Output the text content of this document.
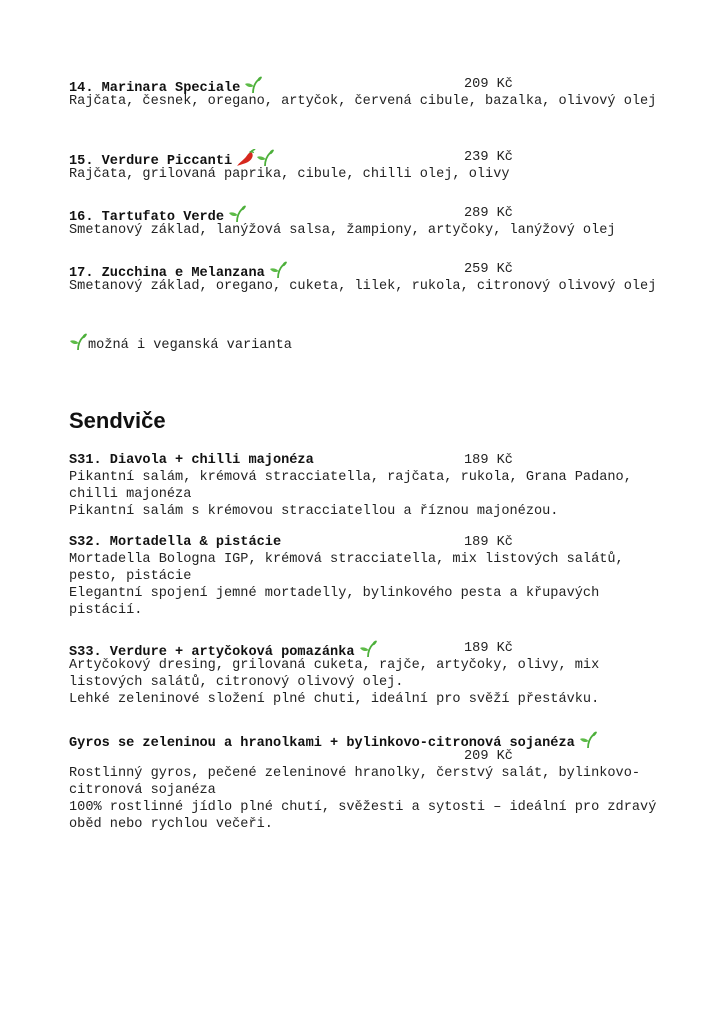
14. Marinara Speciale	209 Kč
Rajčata, česnek, oregano, artyčok, červená cibule, bazalka, olivový olej
15. Verdure Piccanti	239 Kč
Rajčata, grilovaná paprika, cibule, chilli olej, olivy
16. Tartufato Verde	289 Kč
Smetanový základ, lanýžová salsa, žampiony, artyčoky, lanýžový olej
17. Zucchina e Melanzana	259 Kč
Smetanový základ, oregano, cuketa, lilek, rukola, citronový olivový olej
možná i veganská varianta
Sendviče
S31. Diavola + chilli majonéza	189 Kč
Pikantní salám, krémová stracciatella, rajčata, rukola, Grana Padano, chilli majonéza
Pikantní salám s krémovou stracciatellou a říznou majonézou.
S32. Mortadella & pistácie	189 Kč
Mortadella Bologna IGP, krémová stracciatella, mix listových salátů, pesto, pistácie
Elegantní spojení jemné mortadelly, bylinkového pesta a křupavých pistácií.
S33. Verdure + artyčoková pomazánka	189 Kč
Artyčokový dresing, grilovaná cuketa, rajče, artyčoky, olivy, mix listových salátů, citronový olivový olej.
Lehké zeleninové složení plné chuti, ideální pro svěží přestávku.
Gyros se zeleninou a hranolkami + bylinkovo-citronová sojanéza
209 Kč
Rostlinný gyros, pečené zeleninové hranolky, čerstvý salát, bylinkovo-citronová sojanéza
100% rostlinné jídlo plné chutí, svěžesti a sytosti – ideální pro zdravý oběd nebo rychlou večeři.
